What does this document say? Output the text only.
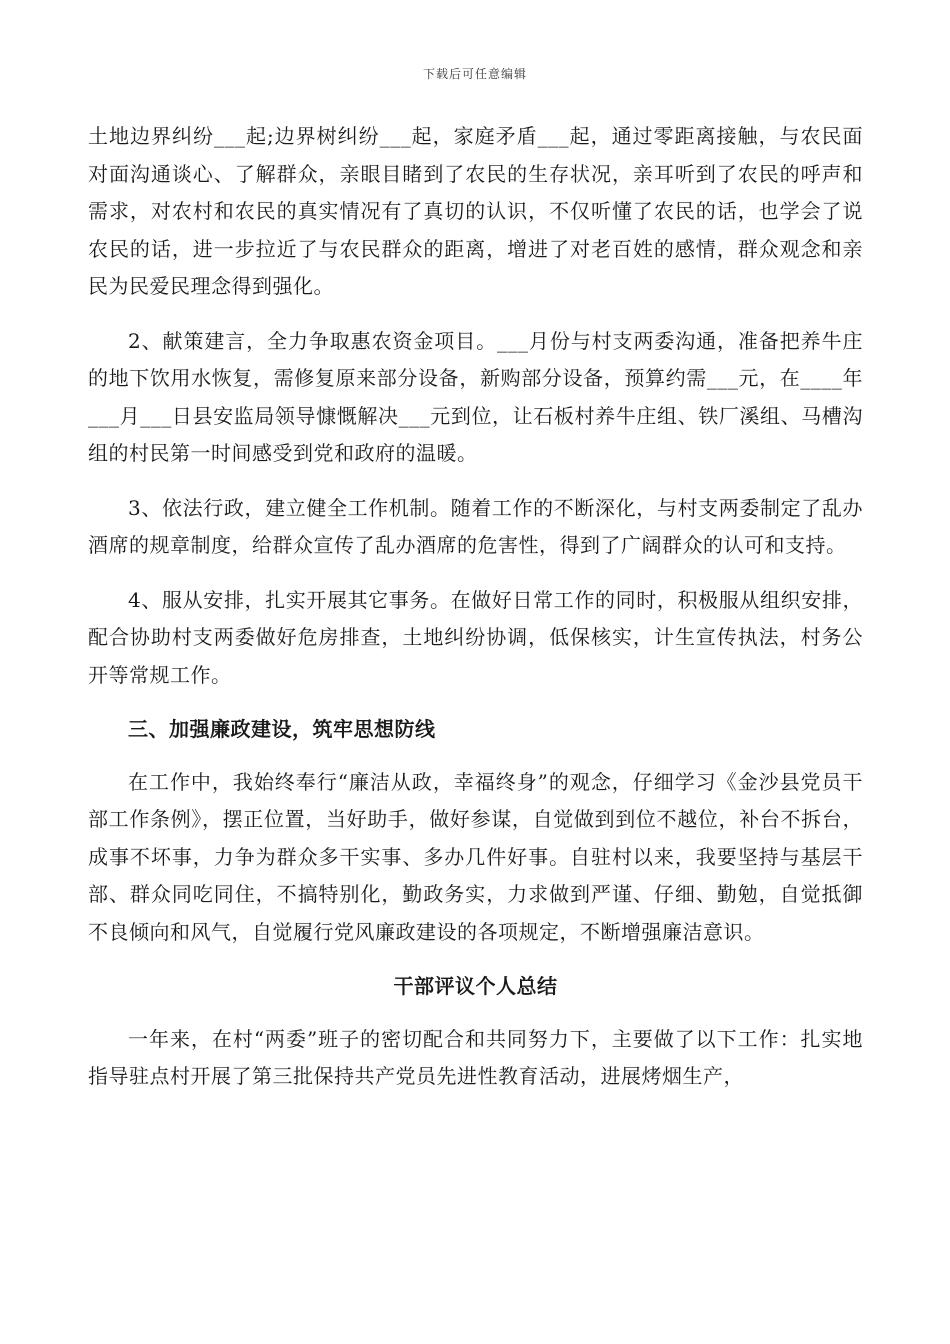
下载后可任意编辑

土地边界纠纷___起;边界树纠纷___起，家庭矛盾___起，通过零距离接触，与农民面对面沟通谈心、了解群众，亲眼目睹到了农民的生存状况，亲耳听到了农民的呼声和需求，对农村和农民的真实情况有了真切的认识，不仅听懂了农民的话，也学会了说农民的话，进一步拉近了与农民群众的距离，增进了对老百姓的感情，群众观念和亲民为民爱民理念得到强化。

2、献策建言，全力争取惠农资金项目。___月份与村支两委沟通，准备把养牛庄的地下饮用水恢复，需修复原来部分设备，新购部分设备，预算约需___元，在____年___月___日县安监局领导慷慨解决___元到位，让石板村养牛庄组、铁厂溪组、马槽沟组的村民第一时间感受到党和政府的温暖。

3、依法行政，建立健全工作机制。随着工作的不断深化，与村支两委制定了乱办酒席的规章制度，给群众宣传了乱办酒席的危害性，得到了广阔群众的认可和支持。

4、服从安排，扎实开展其它事务。在做好日常工作的同时，积极服从组织安排，配合协助村支两委做好危房排查，土地纠纷协调，低保核实，计生宣传执法，村务公开等常规工作。

三、加强廉政建设，筑牢思想防线

在工作中，我始终奉行“廉洁从政，幸福终身”的观念，仔细学习《金沙县党员干部工作条例》，摆正位置，当好助手，做好参谋，自觉做到到位不越位，补台不拆台，成事不坏事，力争为群众多干实事、多办几件好事。自驻村以来，我要坚持与基层干部、群众同吃同住，不搞特别化，勤政务实，力求做到严谨、仔细、勤勉，自觉抵御不良倾向和风气，自觉履行党风廉政建设的各项规定，不断增强廉洁意识。

干部评议个人总结

一年来，在村“两委”班子的密切配合和共同努力下，主要做了以下工作：扎实地指导驻点村开展了第三批保持共产党员先进性教育活动，进展烤烟生产，
